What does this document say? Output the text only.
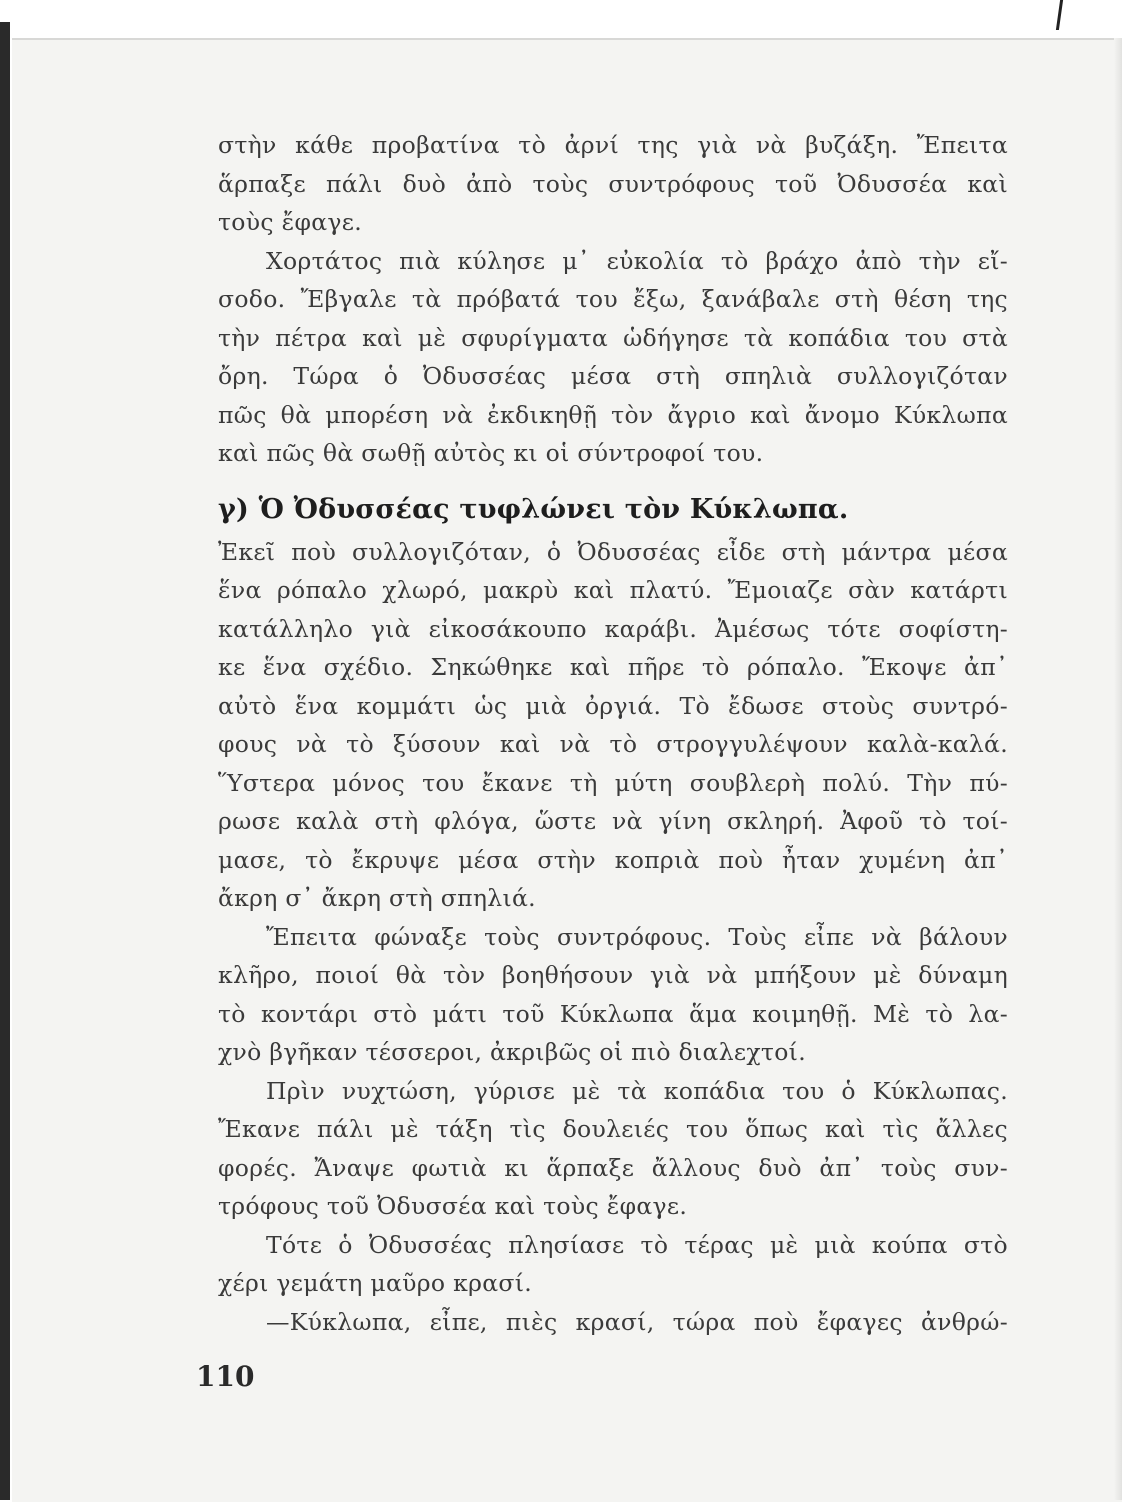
στὴν κάθε προβατίνα τὸ ἀρνί της γιὰ νὰ βυζάξη. Ἔπειτα
ἅρπαξε πάλι δυὸ ἀπὸ τοὺς συντρόφους τοῦ Ὀδυσσέα καὶ
τοὺς ἔφαγε.
Χορτάτος πιὰ κύλησε μ᾽ εὐκολία τὸ βράχο ἀπὸ τὴν εἴ-
σοδο. Ἔβγαλε τὰ πρόβατά του ἔξω, ξανάβαλε στὴ θέση της
τὴν πέτρα καὶ μὲ σφυρίγματα ὡδήγησε τὰ κοπάδια του στὰ
ὄρη. Τώρα ὁ Ὀδυσσέας μέσα στὴ σπηλιὰ συλλογιζόταν
πῶς θὰ μπορέση νὰ ἐκδικηθῇ τὸν ἄγριο καὶ ἄνομο Κύκλωπα
καὶ πῶς θὰ σωθῇ αὐτὸς κι οἱ σύντροφοί του.
γ) Ὁ Ὀδυσσέας τυφλώνει τὸν Κύκλωπα.
Ἐκεῖ ποὺ συλλογιζόταν, ὁ Ὀδυσσέας εἶδε στὴ μάντρα μέσα
ἕνα ρόπαλο χλωρό, μακρὺ καὶ πλατύ. Ἔμοιαζε σὰν κατάρτι
κατάλληλο γιὰ εἰκοσάκουπο καράβι. Ἀμέσως τότε σοφίστη-
κε ἕνα σχέδιο. Σηκώθηκε καὶ πῆρε τὸ ρόπαλο. Ἔκοψε ἀπ᾽
αὐτὸ ἕνα κομμάτι ὡς μιὰ ὀργιά. Τὸ ἔδωσε στοὺς συντρό-
φους νὰ τὸ ξύσουν καὶ νὰ τὸ στρογγυλέψουν καλὰ-καλά.
Ὕστερα μόνος του ἔκανε τὴ μύτη σουβλερὴ πολύ. Τὴν πύ-
ρωσε καλὰ στὴ φλόγα, ὥστε νὰ γίνη σκληρή. Ἀφοῦ τὸ τοί-
μασε, τὸ ἔκρυψε μέσα στὴν κοπριὰ ποὺ ἦταν χυμένη ἀπ᾽
ἄκρη σ᾽ ἄκρη στὴ σπηλιά.
Ἔπειτα φώναξε τοὺς συντρόφους. Τοὺς εἶπε νὰ βάλουν
κλῆρο, ποιοί θὰ τὸν βοηθήσουν γιὰ νὰ μπήξουν μὲ δύναμη
τὸ κοντάρι στὸ μάτι τοῦ Κύκλωπα ἅμα κοιμηθῇ. Μὲ τὸ λα-
χνὸ βγῆκαν τέσσεροι, ἀκριβῶς οἱ πιὸ διαλεχτοί.
Πρὶν νυχτώση, γύρισε μὲ τὰ κοπάδια του ὁ Κύκλωπας.
Ἔκανε πάλι μὲ τάξη τὶς δουλειές του ὅπως καὶ τὶς ἄλλες
φορές. Ἄναψε φωτιὰ κι ἅρπαξε ἄλλους δυὸ ἀπ᾽ τοὺς συν-
τρόφους τοῦ Ὀδυσσέα καὶ τοὺς ἔφαγε.
Τότε ὁ Ὀδυσσέας πλησίασε τὸ τέρας μὲ μιὰ κούπα στὸ
χέρι γεμάτη μαῦρο κρασί.
—Κύκλωπα, εἶπε, πιὲς κρασί, τώρα ποὺ ἔφαγες ἀνθρώ-
110
